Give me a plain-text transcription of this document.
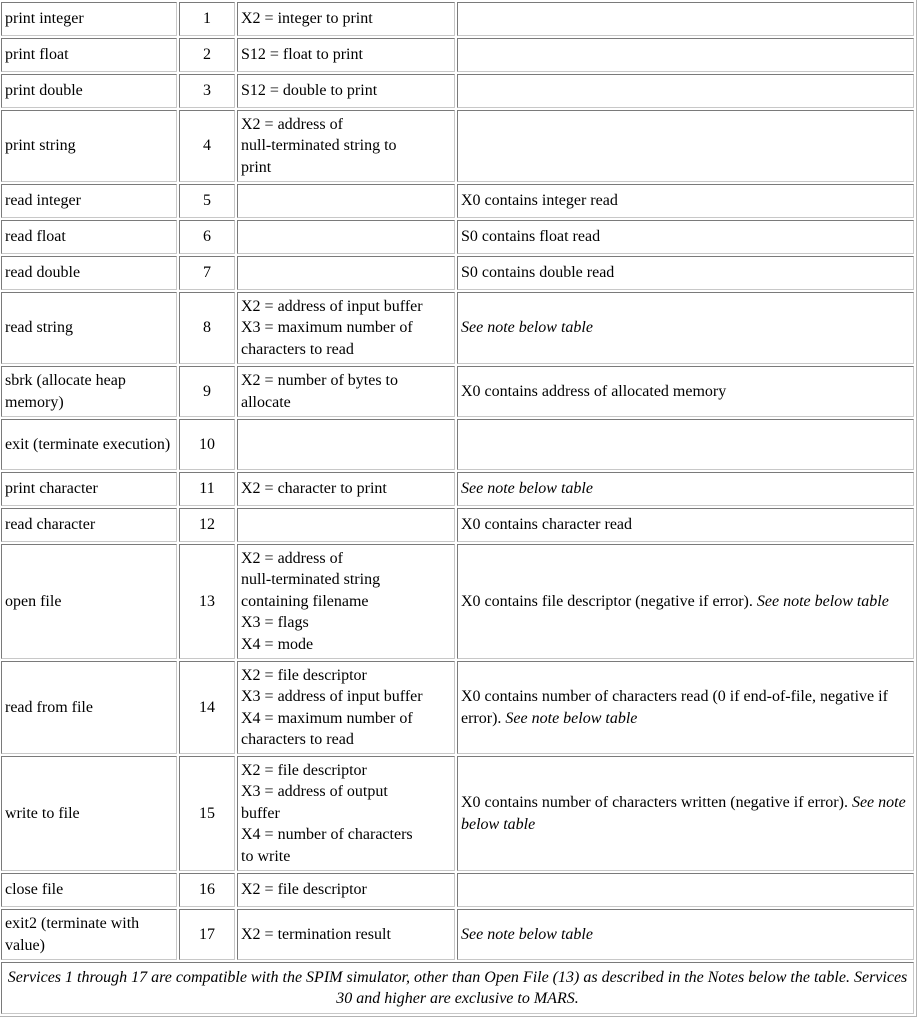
print integer	1	X2 = integer to print	
print float	2	S12 = float to print	
print double	3	S12 = double to print	
print string	4	X2 = address of
null-terminated string to
print	
read integer	5		X0 contains integer read
read float	6		S0 contains float read
read double	7		S0 contains double read
read string	8	X2 = address of input buffer
X3 = maximum number of
characters to read	See note below table
sbrk (allocate heap memory)	9	X2 = number of bytes to
allocate	X0 contains address of allocated memory
exit (terminate execution)	10		
print character	11	X2 = character to print	See note below table
read character	12		X0 contains character read
open file	13	X2 = address of
null-terminated string
containing filename
X3 = flags
X4 = mode	X0 contains file descriptor (negative if error). See note below table
read from file	14	X2 = file descriptor
X3 = address of input buffer
X4 = maximum number of
characters to read	X0 contains number of characters read (0 if end-of-file, negative if error). See note below table
write to file	15	X2 = file descriptor
X3 = address of output
buffer
X4 = number of characters
to write	X0 contains number of characters written (negative if error). See note below table
close file	16	X2 = file descriptor	
exit2 (terminate with value)	17	X2 = termination result	See note below table
Services 1 through 17 are compatible with the SPIM simulator, other than Open File (13) as described in the Notes below the table. Services 30 and higher are exclusive to MARS.			
